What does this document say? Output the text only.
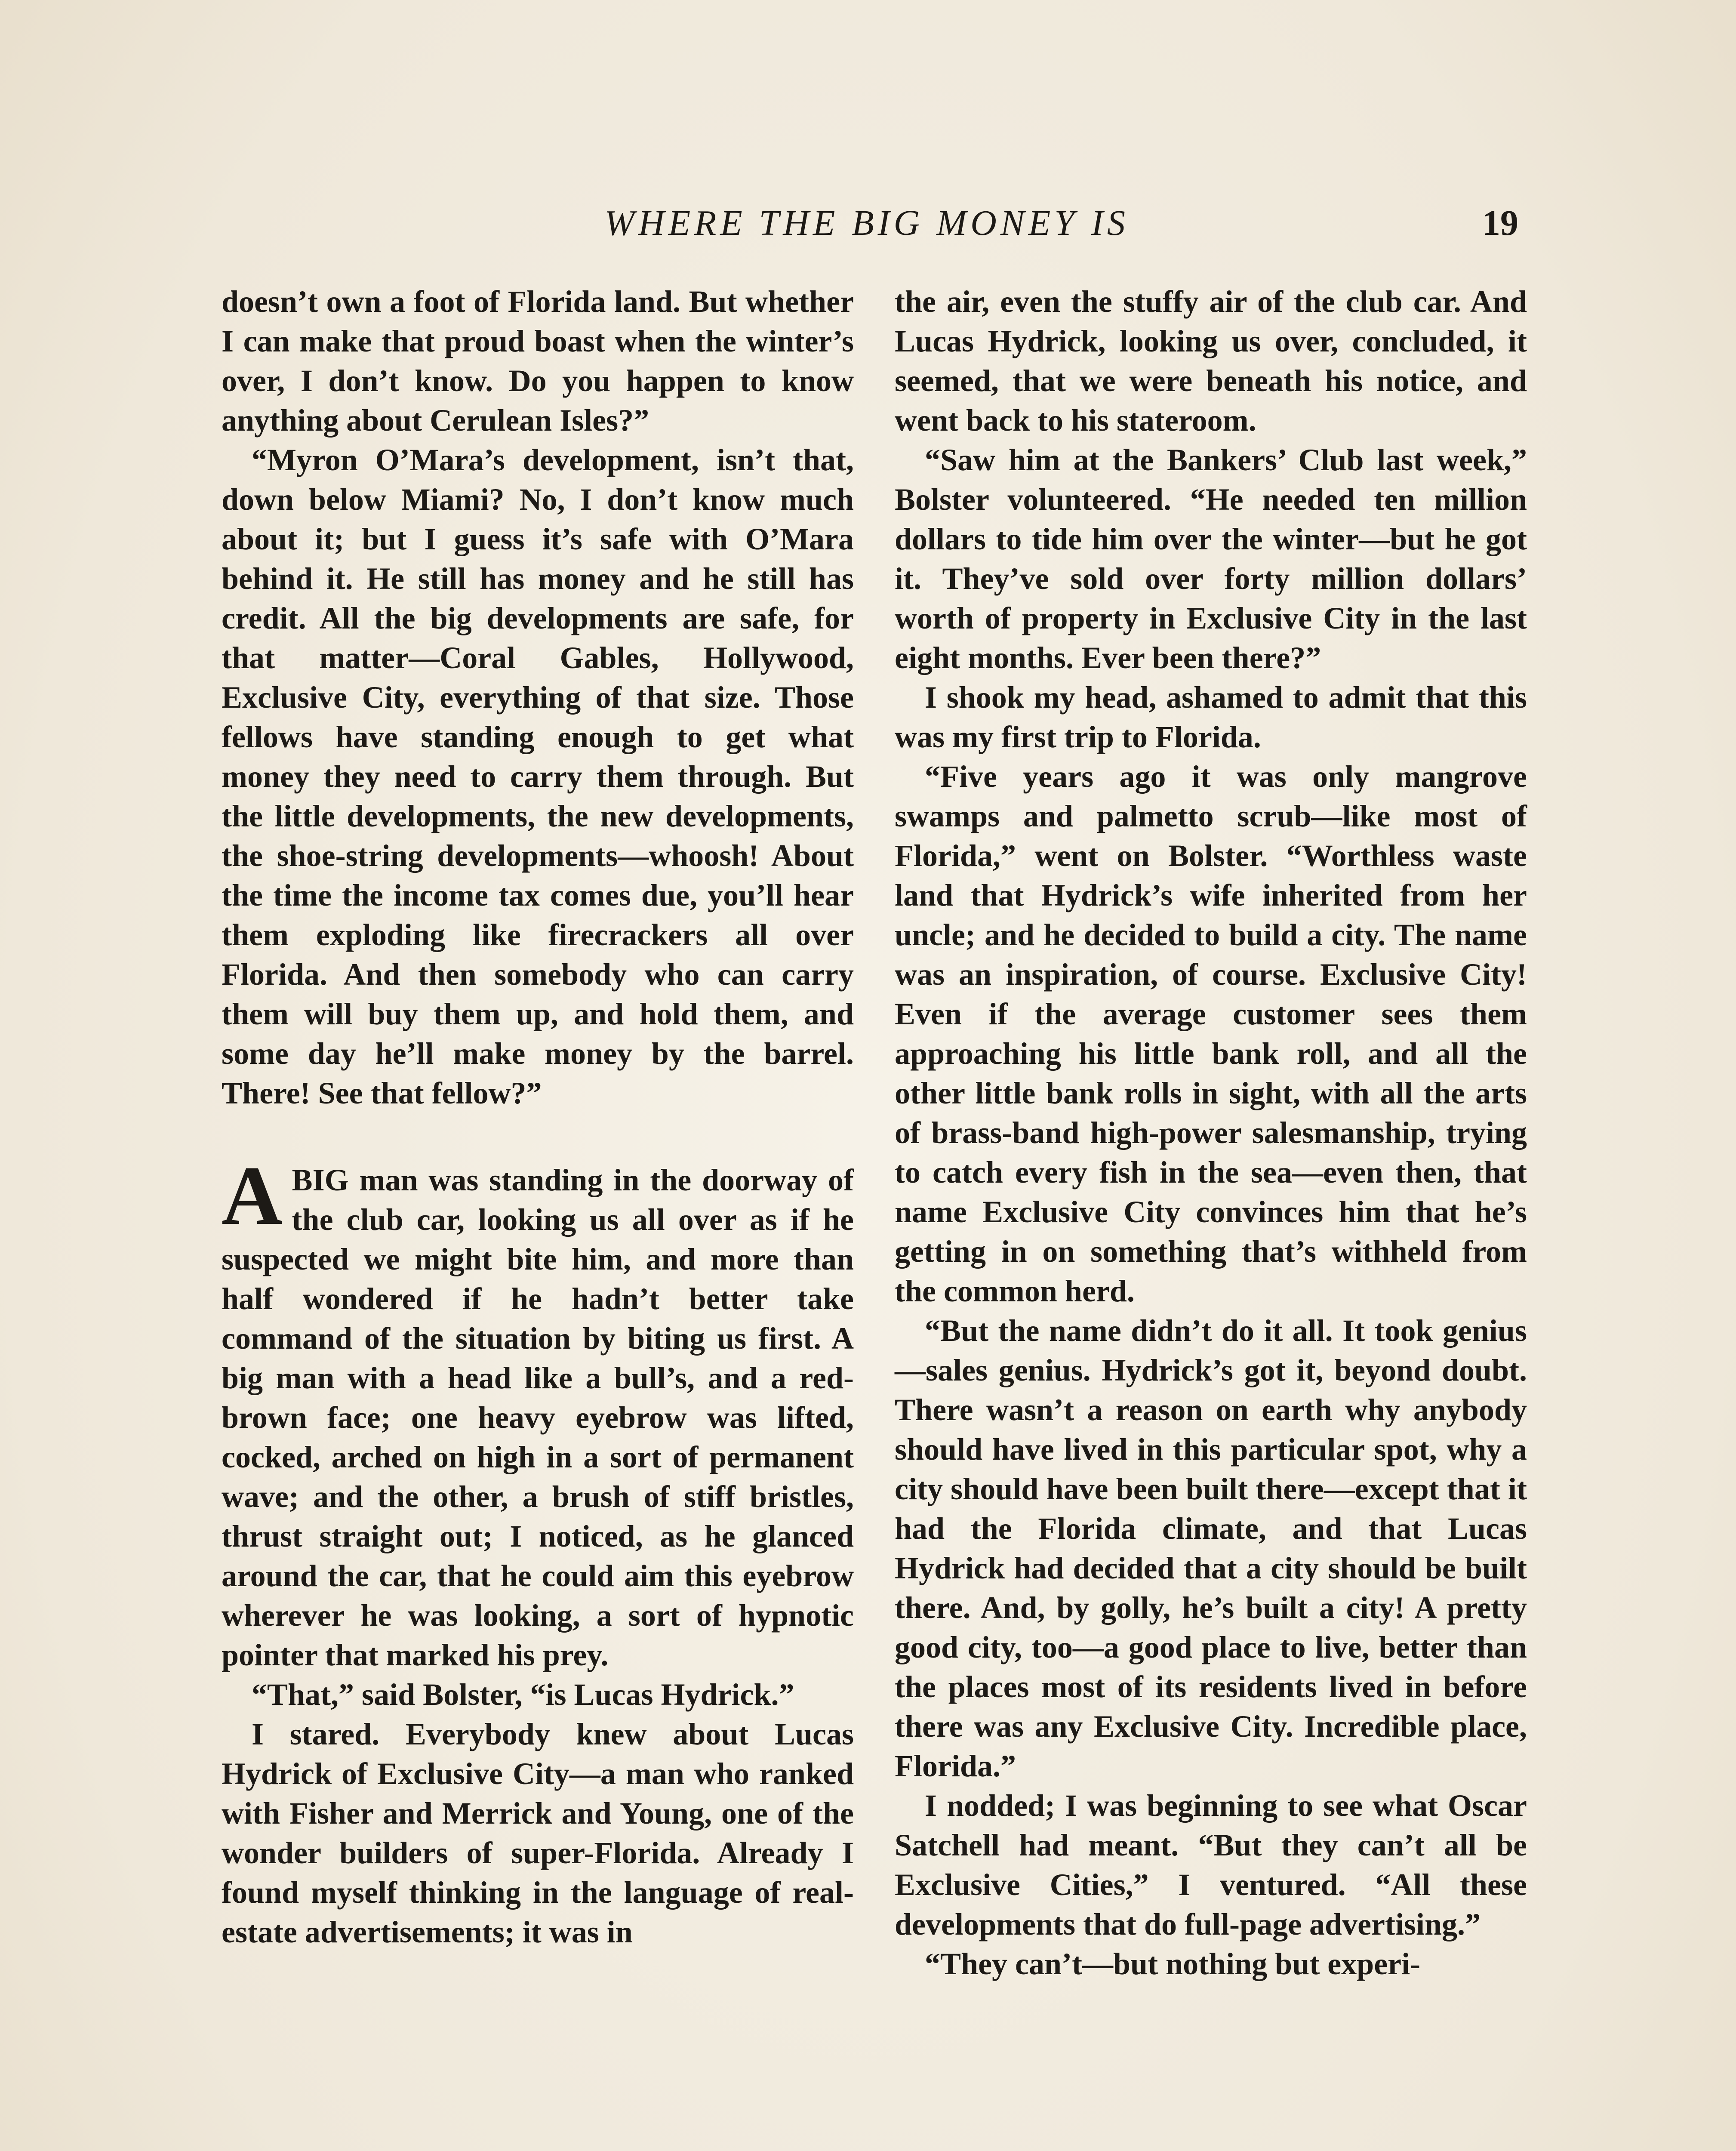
WHERE THE BIG MONEY IS	19

doesn’t own a foot of Florida land. But whether I can make that proud boast when the winter’s over, I don’t know. Do you happen to know anything about Cerulean Isles?”

“Myron O’Mara’s development, isn’t that, down below Miami? No, I don’t know much about it; but I guess it’s safe with O’Mara behind it. He still has money and he still has credit. All the big developments are safe, for that matter—Coral Gables, Hollywood, Exclusive City, everything of that size. Those fellows have standing enough to get what money they need to carry them through. But the little developments, the new developments, the shoe-string developments—whoosh! About the time the income tax comes due, you’ll hear them exploding like firecrackers all over Florida. And then somebody who can carry them will buy them up, and hold them, and some day he’ll make money by the barrel. There! See that fellow?”

ABIG man was standing in the doorway of the club car, looking us all over as if he suspected we might bite him, and more than half wondered if he hadn’t better take command of the situation by biting us first. A big man with a head like a bull’s, and a red-brown face; one heavy eyebrow was lifted, cocked, arched on high in a sort of permanent wave; and the other, a brush of stiff bristles, thrust straight out; I noticed, as he glanced around the car, that he could aim this eyebrow wherever he was looking, a sort of hypnotic pointer that marked his prey.

“That,” said Bolster, “is Lucas Hydrick.”

I stared. Everybody knew about Lucas Hydrick of Exclusive City—a man who ranked with Fisher and Merrick and Young, one of the wonder builders of super-Florida. Already I found myself thinking in the language of real-estate advertisements; it was in

the air, even the stuffy air of the club car. And Lucas Hydrick, looking us over, concluded, it seemed, that we were beneath his notice, and went back to his stateroom.

“Saw him at the Bankers’ Club last week,” Bolster volunteered. “He needed ten million dollars to tide him over the winter—but he got it. They’ve sold over forty million dollars’ worth of property in Exclusive City in the last eight months. Ever been there?”

I shook my head, ashamed to admit that this was my first trip to Florida.

“Five years ago it was only mangrove swamps and palmetto scrub—like most of Florida,” went on Bolster. “Worthless waste land that Hydrick’s wife inherited from her uncle; and he decided to build a city. The name was an inspiration, of course. Exclusive City! Even if the average customer sees them approaching his little bank roll, and all the other little bank rolls in sight, with all the arts of brass-band high-power salesmanship, trying to catch every fish in the sea—even then, that name Exclusive City convinces him that he’s getting in on something that’s withheld from the common herd.

“But the name didn’t do it all. It took genius—sales genius. Hydrick’s got it, beyond doubt. There wasn’t a reason on earth why anybody should have lived in this particular spot, why a city should have been built there—except that it had the Florida climate, and that Lucas Hydrick had decided that a city should be built there. And, by golly, he’s built a city! A pretty good city, too—a good place to live, better than the places most of its residents lived in before there was any Exclusive City. Incredible place, Florida.”

I nodded; I was beginning to see what Oscar Satchell had meant. “But they can’t all be Exclusive Cities,” I ventured. “All these developments that do full-page advertising.”

“They can’t—but nothing but experi-
